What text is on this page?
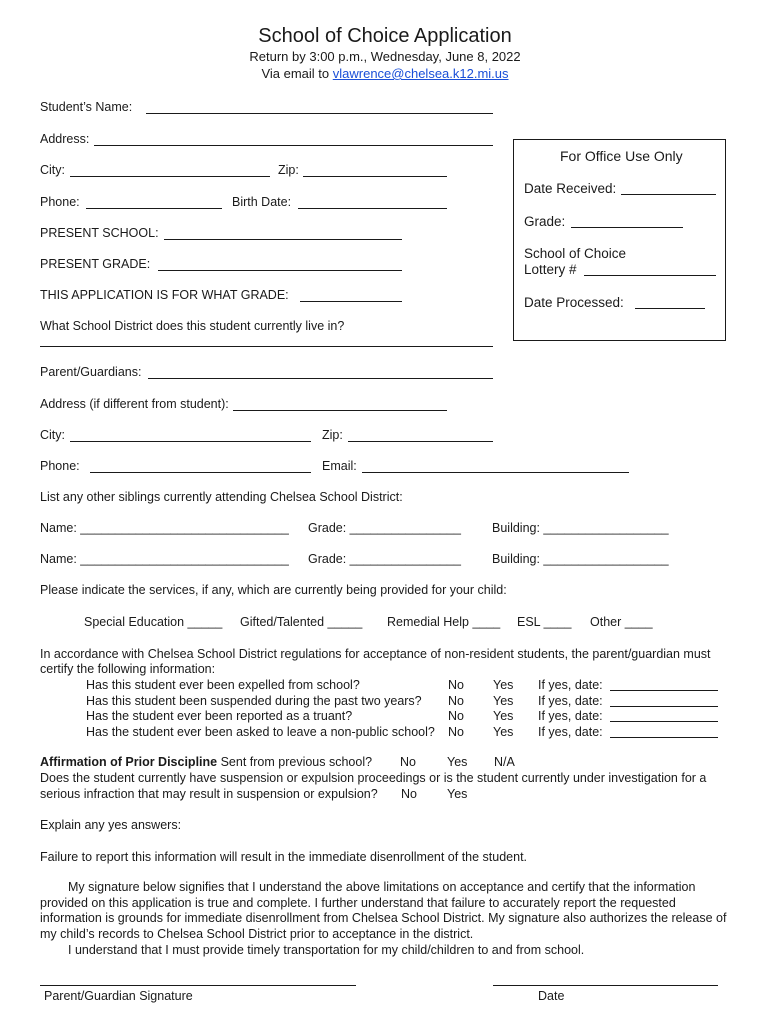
School of Choice Application
Return by 3:00 p.m., Wednesday, June 8, 2022
Via email to vlawrence@chelsea.k12.mi.us
Student’s Name:
Address:
City:	Zip:
Phone:	Birth Date:
PRESENT SCHOOL:
PRESENT GRADE:
THIS APPLICATION IS FOR WHAT GRADE:
What School District does this student currently live in?
For Office Use Only
Date Received:
Grade:
School of Choice
Lottery #
Date Processed:
Parent/Guardians:
Address (if different from student):
City:	Zip:
Phone:	Email:
List any other siblings currently attending Chelsea School District:
Name: ______________________________ Grade: ________________ Building: __________________
Name: ______________________________ Grade: ________________ Building: __________________
Please indicate the services, if any, which are currently being provided for your child:
Special Education _____ Gifted/Talented _____ Remedial Help ____ ESL ____ Other ____
In accordance with Chelsea School District regulations for acceptance of non-resident students, the parent/guardian must
certify the following information:
Has this student ever been expelled from school?	No Yes If yes, date:
Has this student been suspended during the past two years? No Yes If yes, date:
Has the student ever been reported as a truant?	No Yes If yes, date:
Has the student ever been asked to leave a non-public school? No Yes If yes, date:
Affirmation of Prior Discipline Sent from previous school? No Yes N/A
Does the student currently have suspension or expulsion proceedings or is the student currently under investigation for a
serious infraction that may result in suspension or expulsion? No Yes
Explain any yes answers:
Failure to report this information will result in the immediate disenrollment of the student.
My signature below signifies that I understand the above limitations on acceptance and certify that the information provided on this application is true and complete. I further understand that failure to accurately report the requested information is grounds for immediate disenrollment from Chelsea School District. My signature also authorizes the release of my child’s records to Chelsea School District prior to acceptance in the district.
I understand that I must provide timely transportation for my child/children to and from school.
Parent/Guardian Signature	Date
